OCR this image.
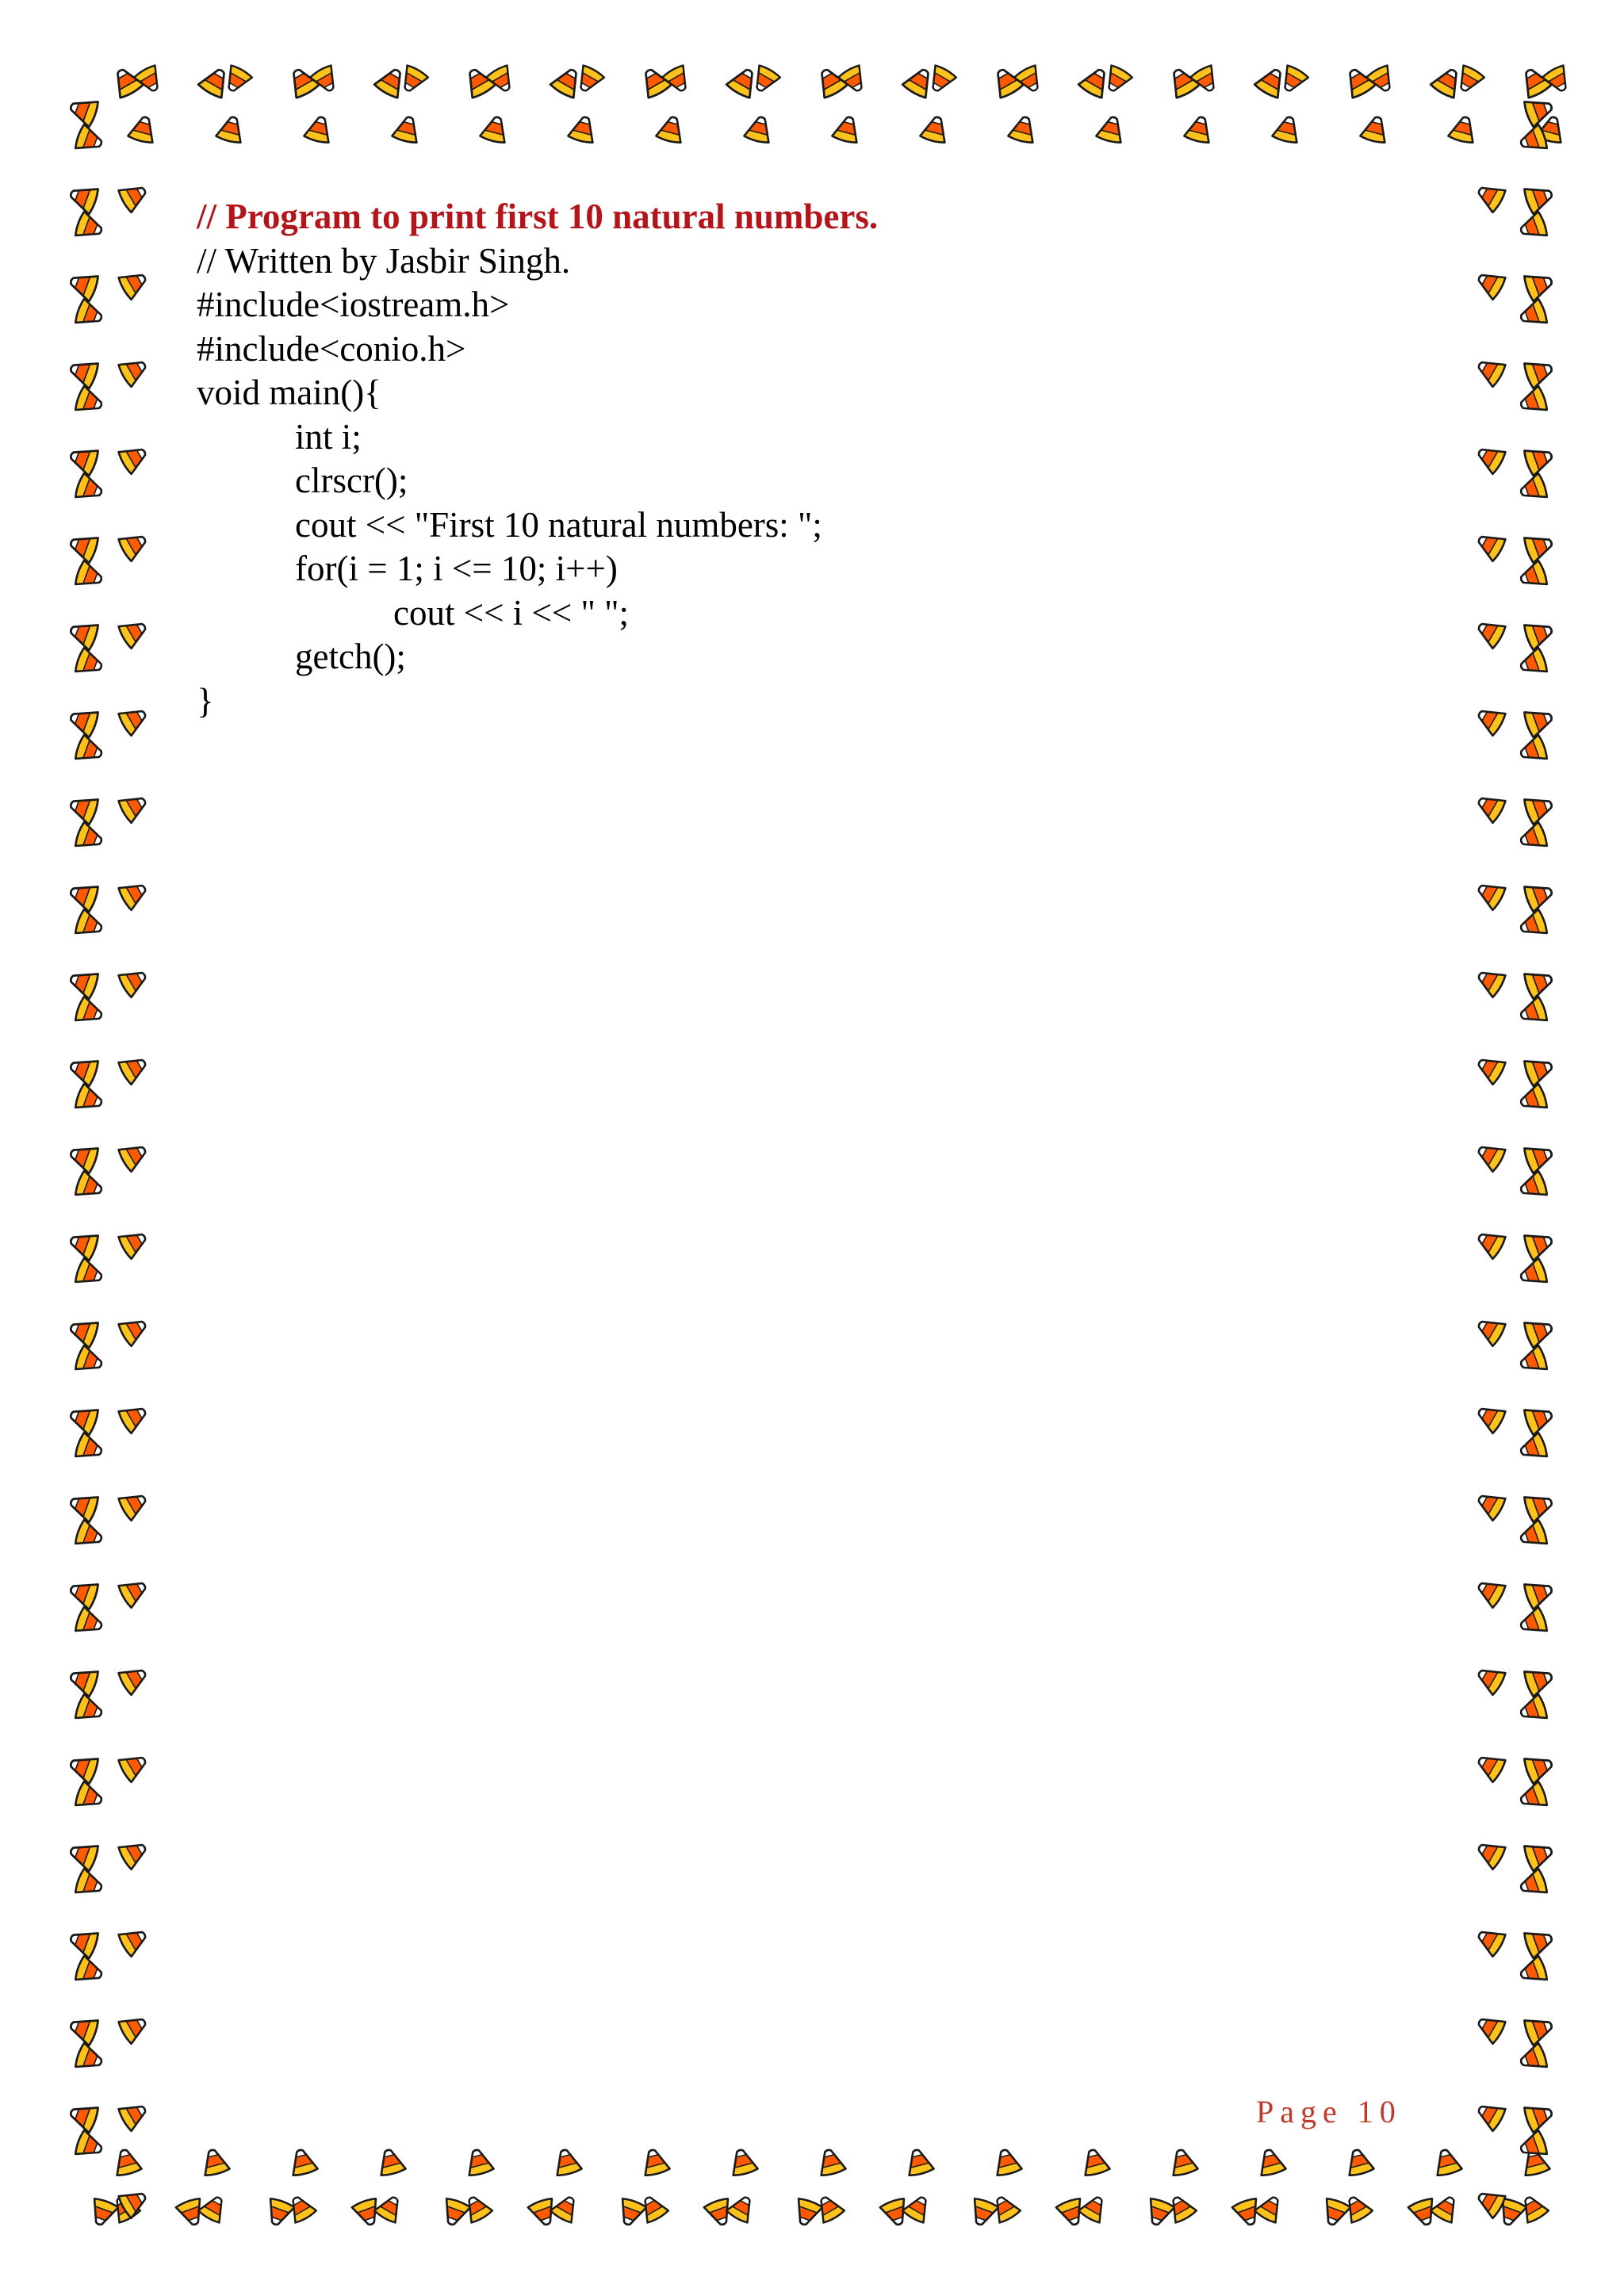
// Program to print first 10 natural numbers.
// Written by Jasbir Singh.
#include<iostream.h>
#include<conio.h>
void main(){
int i;
clrscr();
cout << "First 10 natural numbers: ";
for(i = 1; i <= 10; i++)
cout << i << " ";
getch();
}
Page 10
